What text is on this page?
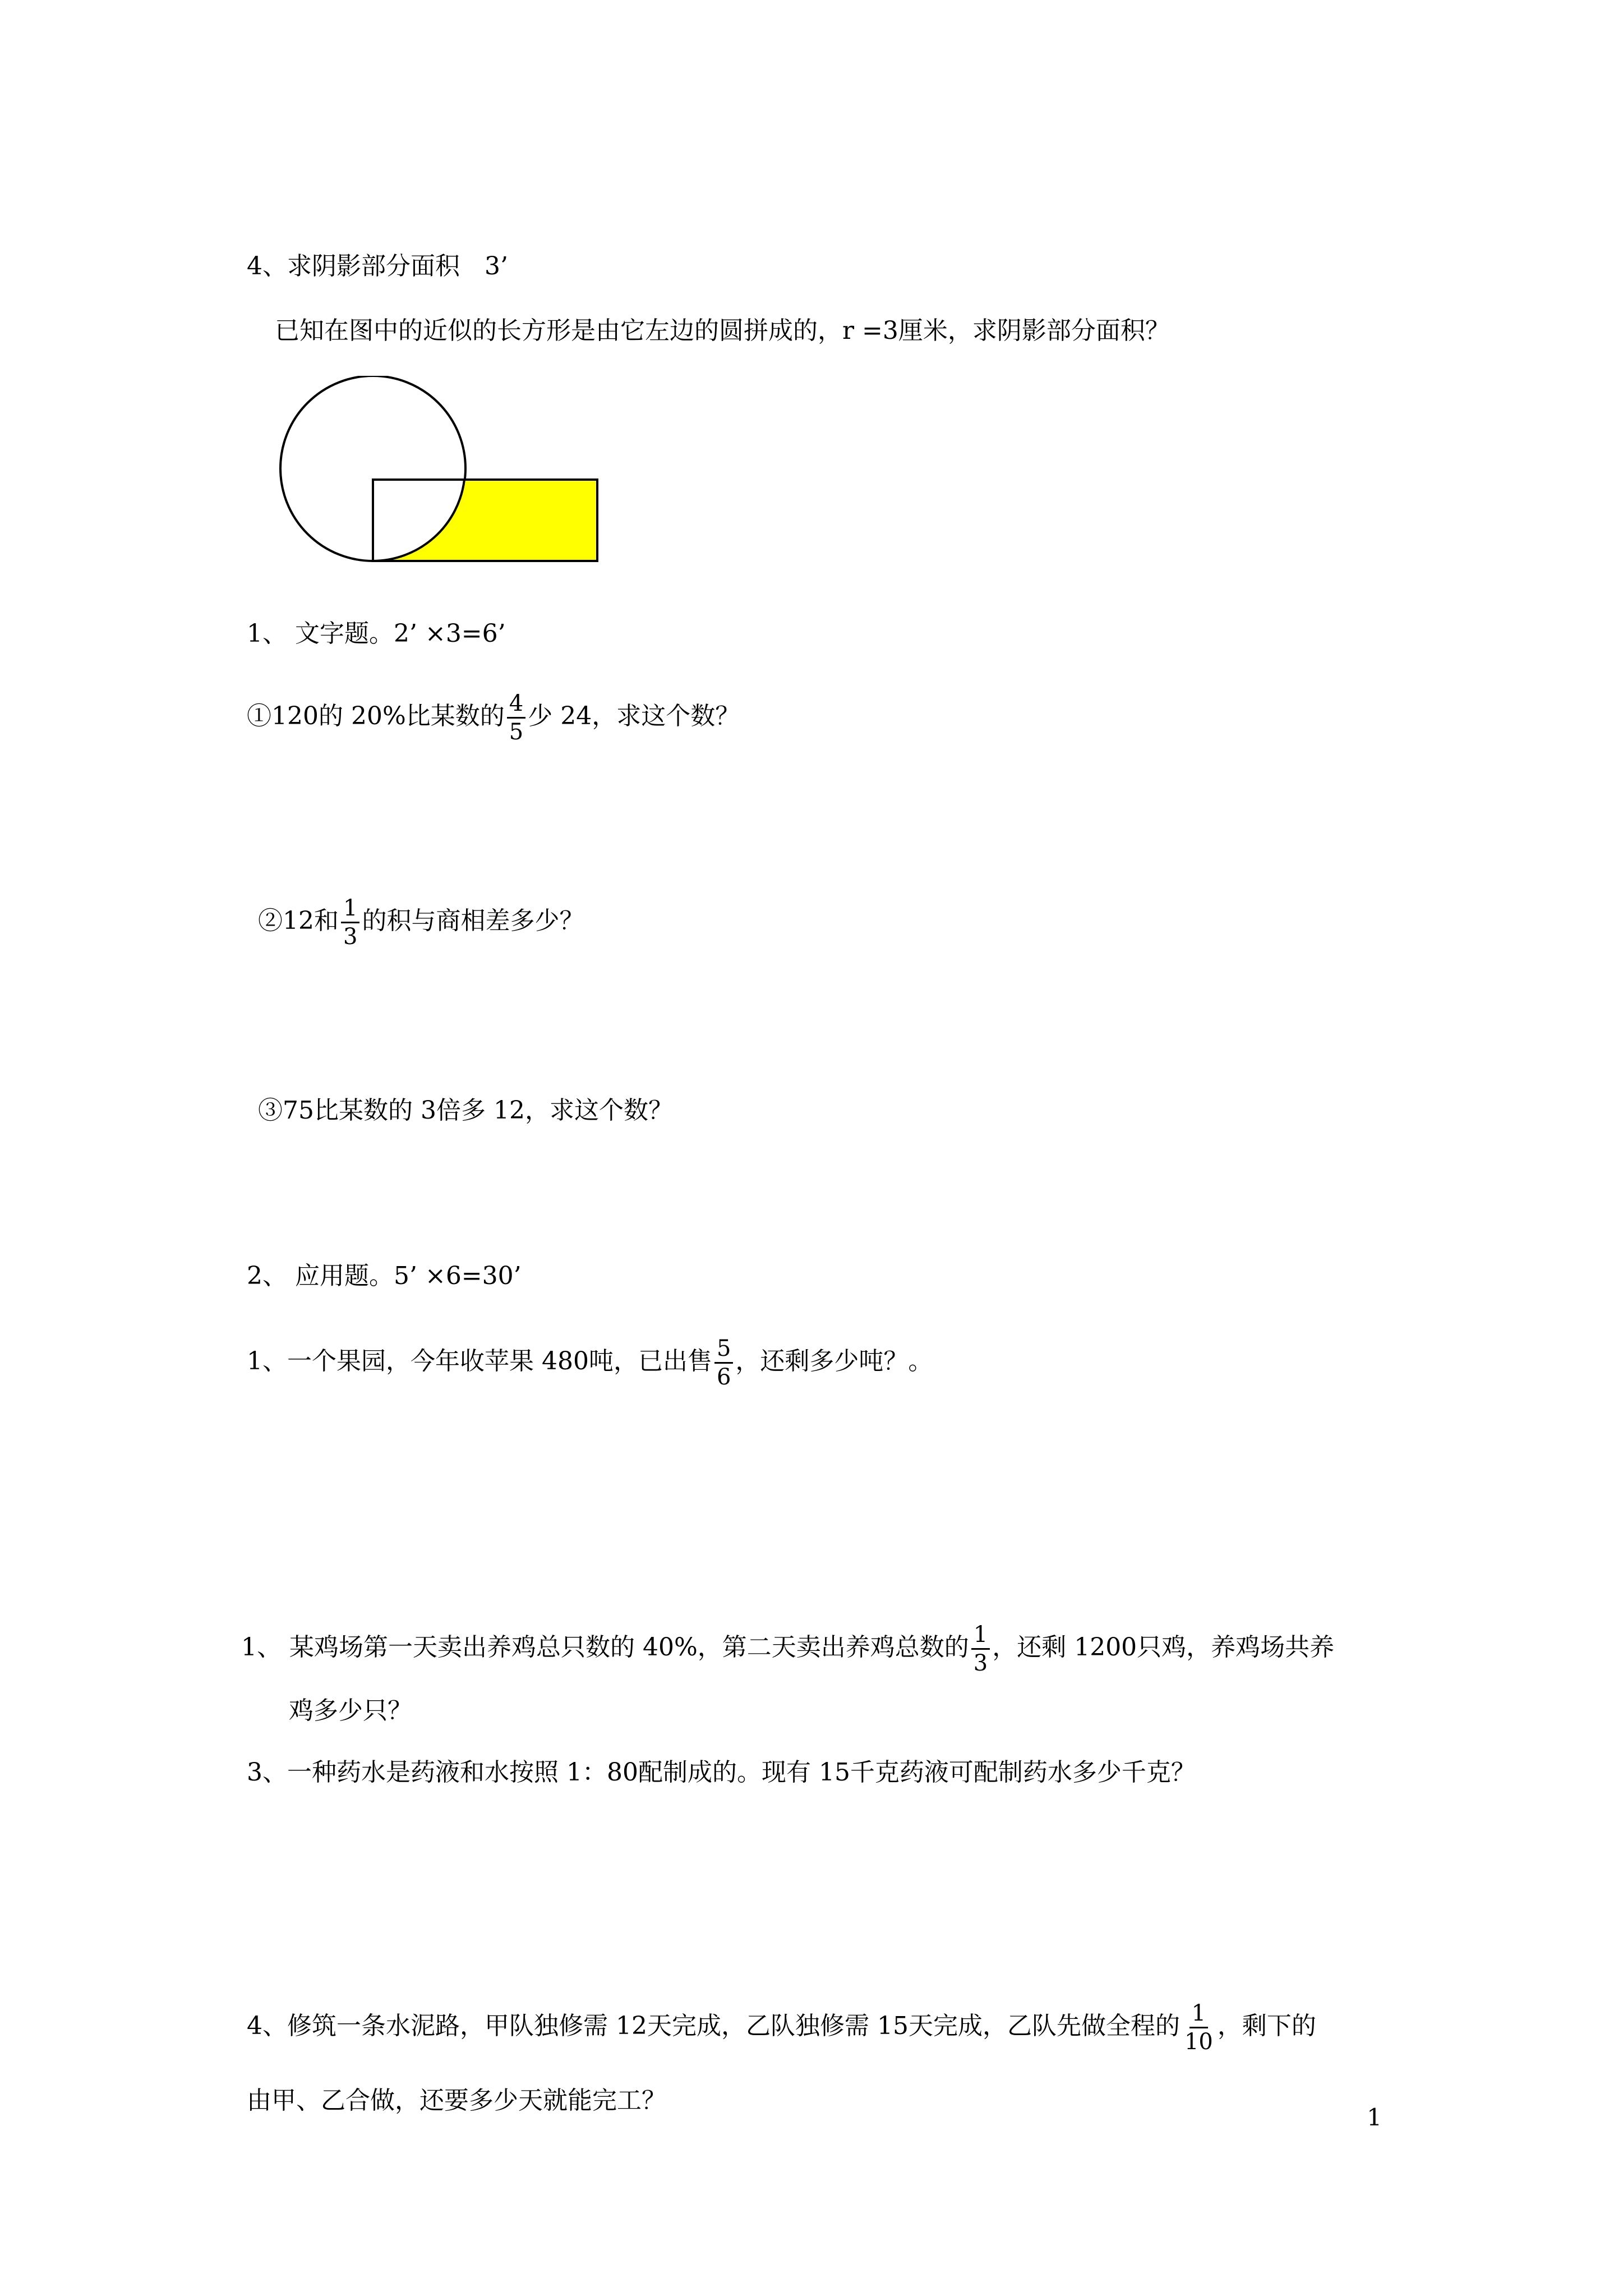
4、求阴影部分面积　3’
已知在图中的近似的长方形是由它左边的圆拼成的，r =3厘米，求阴影部分面积？
1、 文字题。2’ ×3=6’
①120的 20%比某数的 $\frac{4}{5}$ 少 24，求这个数？
②12和 $\frac{1}{3}$ 的积与商相差多少？
③75比某数的 3倍多 12，求这个数？
2、 应用题。5’ ×6=30’
1、一个果园，今年收苹果 480吨，已出售 $\frac{5}{6}$ ，还剩多少吨？。
1、 某鸡场第一天卖出养鸡总只数的 40%，第二天卖出养鸡总数的 $\frac{1}{3}$ ，还剩 1200只鸡，养鸡场共养
鸡多少只？
3、一种药水是药液和水按照 1：80配制成的。现有 15千克药液可配制药水多少千克？
4、修筑一条水泥路，甲队独修需 12天完成，乙队独修需 15天完成，乙队先做全程的 $\frac{1}{10}$ ，剩下的
由甲、乙合做，还要多少天就能完工？
1
